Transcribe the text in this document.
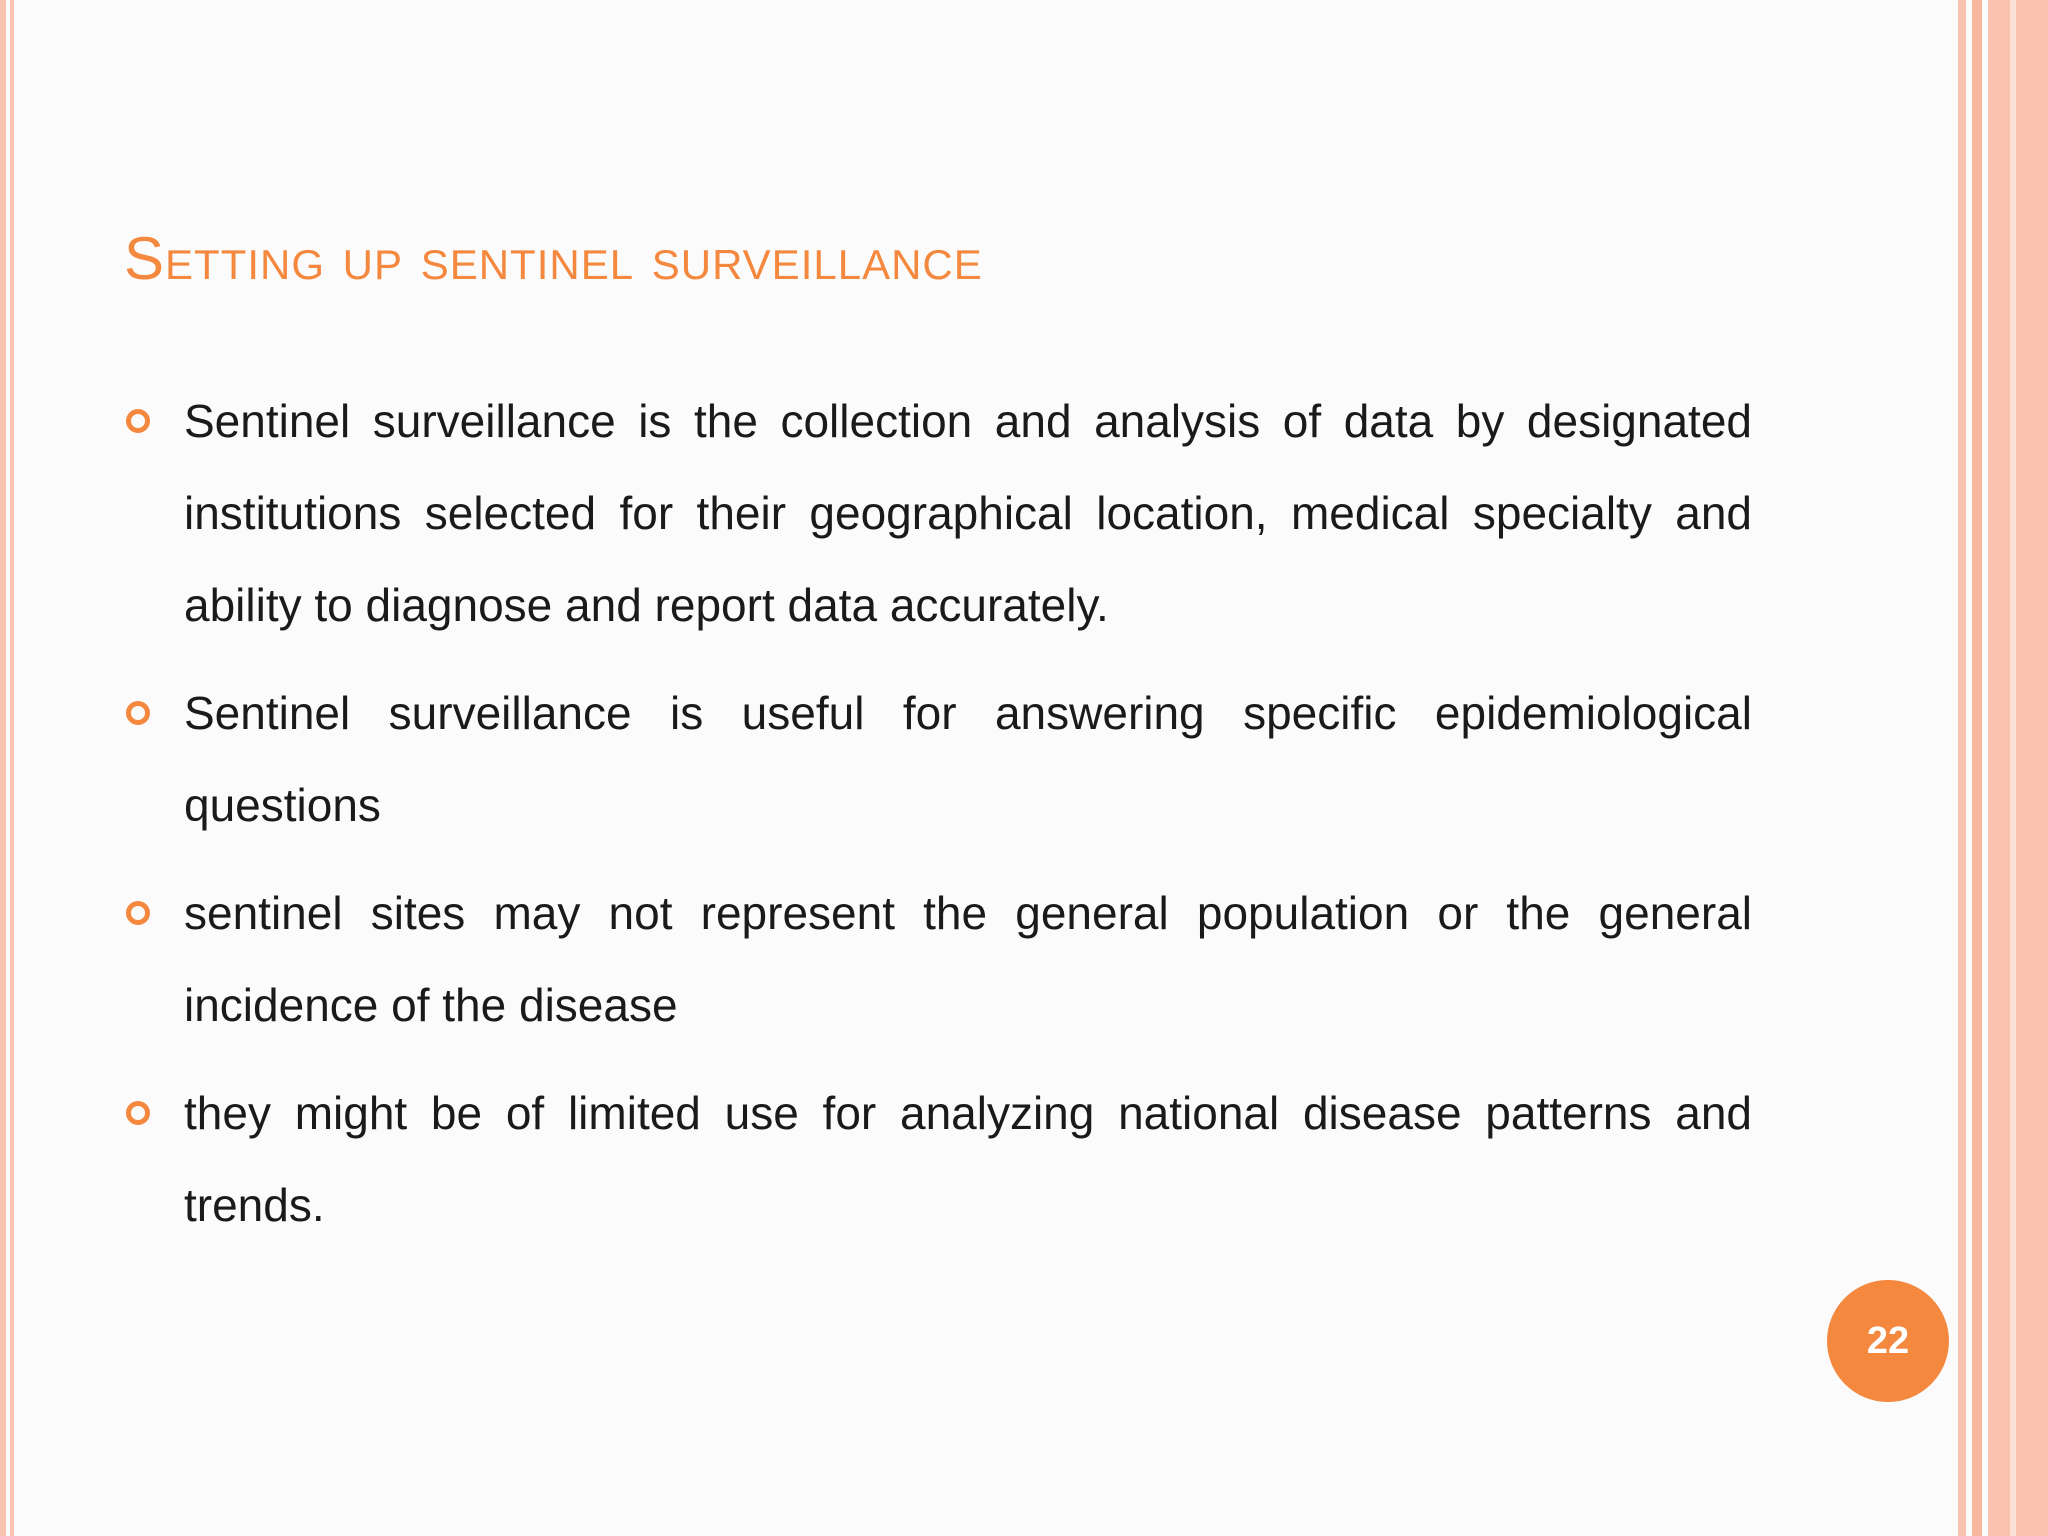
Setting up sentinel surveillance
Sentinel surveillance is the collection and analysis of data by designated institutions selected for their geographical location, medical specialty and ability to diagnose and report data accurately.
Sentinel surveillance is useful for answering specific epidemiological questions
sentinel sites may not represent the general population or the general incidence of the disease
they might be of limited use for analyzing national disease patterns and trends.
22
